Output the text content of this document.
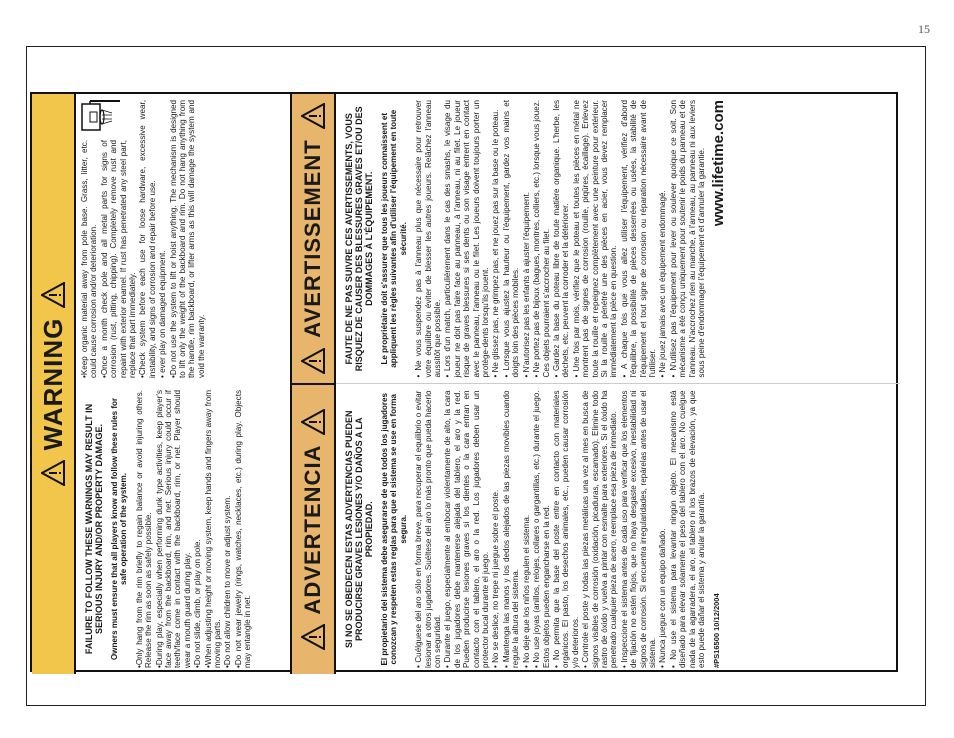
15
WARNING
FAILURE TO FOLLOW THESE WARNINGS MAY RESULT IN SERIOUS INJURY AND/OR PROPERTY DAMAGE. Owners must ensure that all players know and follow these rules for safe operation of the system. •Only hang from the rim briefly to regain balance or avoid injuring others. Release the rim as soon as safely possible. •During play, especially when performing dunk type activities, keep player's face away from the backboard, rim, and net. Serious injury could occur if teeth/face come in contact with the backboard, rim, or net. Player should wear a mouth guard during play. •Do not slide, climb, or play on pole. •When adjusting height or moving system, keep hands and fingers away from moving parts. •Do not allow children to move or adjust system. •Do not wear jewelry (rings, watches, necklaces, etc.) during play. Objects may entangle in net.

•Keep organic material away from pole base. Grass, litter, etc. could cause corrosion and/or deterioration. •Once a month check pole and all metal parts for signs of corrosion (rust, pitting, chipping). Completely remove rust and repaint with exterior enamel. If rust has penetrated any steel part, replace that part immediately. •Check system before each use for loose hardware, excessive wear, instability, and signs of corrosion and repair before use. • ever play on damaged equipment. •Do not use the system to lift or hoist anything. The mechanism is designed to lift only the weight of the backboard and rim. Do not hang anything from the handle, rim backboard, or lifter arms as this will damage the system and void the warranty.

ADVERTENCIA
AVERTISSEMENT
SI NO SE OBEDECEN ESTAS ADVERTENCIAS PUEDEN PRODUCIRSE GRAVES LESIONES Y/O DAÑOS A LA PROPIEDAD. El propietario del sistema debe asegurarse de que todos los jugadores conozcan y respeten estas reglas para que el sistema se use en forma segura. • Cuélguese del aro sólo en forma breve, para recuperar el equilibrio o evitar lesionar a otros jugadores. Suéltese del aro lo más pronto que pueda hacerlo con seguridad. • Durante el juego, especialmente al embocar violentamente de alto, la cara de los jugadores debe mantenerse alejada del tablero, el aro y la red. Pueden producirse lesiones graves si los dientes o la cara entran en contacto con el tablero, el aro o la red. Los jugadores deben usar un protector bucal durante el juego. • No se deslice, no trepe ni juegue sobre el poste. • Mantenga las manos y los dedos alejados de las piezas movibles cuando regule la altura del sistema. • No deje que los niños regulen el sistema. • No use joyas (anillos, relojes, collares o gargantillas, etc.) durante el juego. Estos objetos pueden engancharse en la red. • No permita que la base del poste entre en contacto con materiales orgánicos. El pasto, los desechos animales, etc., pueden causar corrosión y/o deterioros. • Controle el poste y todas las piezas metálicas una vez al mes en busca de signos visibles de corrosión (oxidación, picaduras, escamado). Elimine todo rastro de óxido y vuelva a pintar con esmalte para exteriores. Si el óxido ha penetrado cualquier pieza de acero, reemplace esa pieza de inmediato. • Inspeccione el sistema antes de cada uso para verificar que los elementos de fijación no estén flojos, que no haya desgaste excesivo, inestabilidad ni signos de corrosión. Si encuentra irregularidades, repárelas antes de usar el sistema. • Nunca juegue con un equipo dañado. • No use el sistema para levantar ningún objeto. El mecanismo está diseñado para elevar solamente el peso del tablero con el aro. No cuelgue nada de la agarradera, el aro, el tablero ni los brazos de elevación, ya que esto puede dañar el sistema y anular la garantía. #PS16500 10/12/2004
FAUTE DE NE PAS SUIVRE CES AVERTISSEMENTS, VOUS RISQUEZ DE CAUSER DES BLESSURES GRAVES ET/OU DES DOMMAGES À L'ÉQUIPEMENT. Le propriétaire doit s'assurer que tous les joueurs connaissent et appliquent les règles suivantes afin d'utiliser l'équipement en toute sécurité. • Ne vous suspendez pas à l'anneau plus que nécessaire pour retrouver votre équilibre ou éviter de blesser les autres joueurs. Relâchez l'anneau aussitôt que possible. • Lors d'un match, particulièrement dans le cas des smashs, le visage du joueur ne doit pas faire face au panneau, à l'anneau, ni au filet. Le joueur risque de graves blessures si ses dents ou son visage entrent en contact avec le panneau, l'anneau ou le filet. Les joueurs doivent toujours porter un protège-dents lorsqu'ils jouent. • Ne glissez pas, ne grimpez pas, et ne jouez pas sur la base ou le poteau. • Lorsque vous ajustez la hauteur ou l'équipement, gardez vos mains et doigts loin des pièces mobiles. • N'autorisez pas les enfants à ajuster l'équipement. • Ne portez pas de bijoux (bagues, montres, colliers, etc.) lorsque vous jouez. Ces objets pourraient s'accrocher au filet. • Gardez la base du poteau libre de toute matière organique. L'herbe, les déchets, etc. peuvent la corroder et la détériorer. • Une fois par mois, vérifiez que le poteau et toutes les pièces en métal ne montrent pas de signes de corrosion (rouille, piqûres, écaillage). Enlevez toute la rouille et repeignez complètement avec une peinture pour extérieur. Si la rouille a pénétré une des pièces en acier, vous devez remplacer immédiatement la pièce en question. • A chaque fois que vous allez utiliser l'équipement, vérifiez d'abord l'équilibre, la possibilité de pièces desserrées ou usées, la stabilité de l'équipement et tout signe de corrosion ou réparation nécessaire avant de l'utiliser. • Ne jouez jamais avec un équipement endommagé. • N'utilisez pas l'équipement pour lever ou soulever quoique ce soit. Son mécanisme a été conçu uniquement pour soutenir le poids du panneau et de l'anneau. N'accrochez rien au manche, à l'anneau, au panneau ni aux leviers sous peine d'endommager l'équipement et d'annuler la garantie. www.lifetime.com
